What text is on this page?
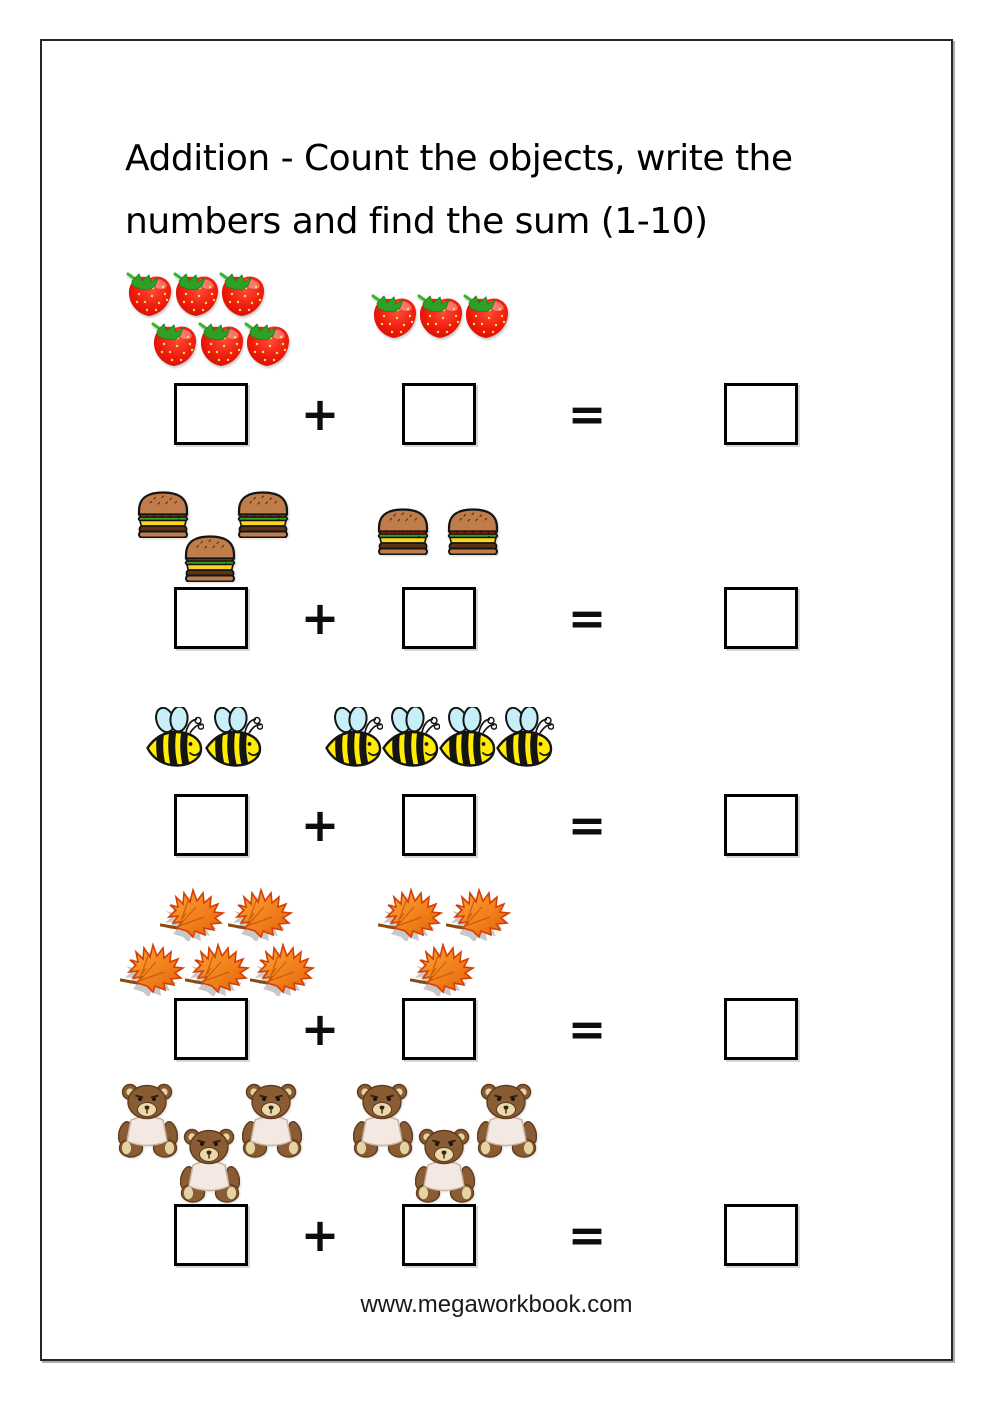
Addition - Count the objects, write the
numbers and find the sum (1-10)
+	=
+	=
+	=
+	=
+	=
www.megaworkbook.com
